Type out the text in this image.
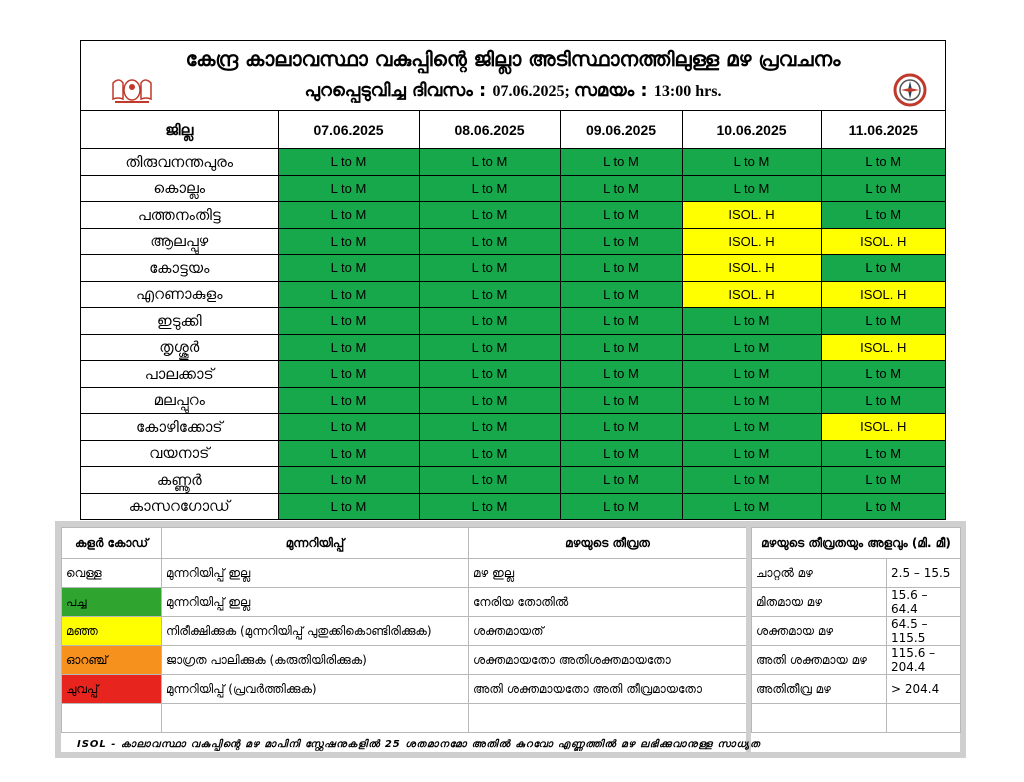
കേന്ദ്ര കാലാവസ്ഥാ വകുപ്പിന്റെ ജില്ലാ അടിസ്ഥാനത്തിലുള്ള മഴ പ്രവചനം
പുറപ്പെടുവിച്ച ദിവസം : 07.06.2025; സമയം : 13:00 hrs.
ജില്ല	07.06.2025	08.06.2025	09.06.2025	10.06.2025	11.06.2025
തിരുവനന്തപുരം	L to M	L to M	L to M	L to M	L to M
കൊല്ലം	L to M	L to M	L to M	L to M	L to M
പത്തനംതിട്ട	L to M	L to M	L to M	ISOL. H	L to M
ആലപ്പുഴ	L to M	L to M	L to M	ISOL. H	ISOL. H
കോട്ടയം	L to M	L to M	L to M	ISOL. H	L to M
എറണാകുളം	L to M	L to M	L to M	ISOL. H	ISOL. H
ഇടുക്കി	L to M	L to M	L to M	L to M	L to M
തൃശ്ശൂർ	L to M	L to M	L to M	L to M	ISOL. H
പാലക്കാട്	L to M	L to M	L to M	L to M	L to M
മലപ്പുറം	L to M	L to M	L to M	L to M	L to M
കോഴിക്കോട്	L to M	L to M	L to M	L to M	ISOL. H
വയനാട്	L to M	L to M	L to M	L to M	L to M
കണ്ണൂർ	L to M	L to M	L to M	L to M	L to M
കാസറഗോഡ്	L to M	L to M	L to M	L to M	L to M
കളർ കോഡ്	മുന്നറിയിപ്പ്	മഴയുടെ തീവ്രത
വെള്ള	മുന്നറിയിപ്പ് ഇല്ല	മഴ ഇല്ല
പച്ച	മുന്നറിയിപ്പ് ഇല്ല	നേരിയ തോതിൽ
മഞ്ഞ	നിരീക്ഷിക്കുക (മുന്നറിയിപ്പ് പുതുക്കികൊണ്ടിരിക്കുക)	ശക്തമായത്
ഓറഞ്ച്	ജാഗ്രത പാലിക്കുക (കരുതിയിരിക്കുക)	ശക്തമായതോ അതിശക്തമായതോ
ചുവപ്പ്	മുന്നറിയിപ്പ് (പ്രവർത്തിക്കുക)	അതി ശക്തമായതോ അതി തീവ്രമായതോ

മഴയുടെ തീവ്രതയും അളവും (മി. മീ)	
ചാറ്റൽ മഴ	2.5 – 15.5
മിതമായ മഴ	15.6 – 64.4
ശക്തമായ മഴ	64.5 – 115.5
അതി ശക്തമായ മഴ	115.6 – 204.4
അതിതീവ്ര മഴ	> 204.4

ISOL - കാലാവസ്ഥാ വകുപ്പിന്റെ മഴ മാപിനി സ്റ്റേഷനുകളിൽ 25 ശതമാനമോ അതിൽ കുറവോ എണ്ണത്തിൽ മഴ ലഭിക്കുവാനുള്ള സാധ്യത
